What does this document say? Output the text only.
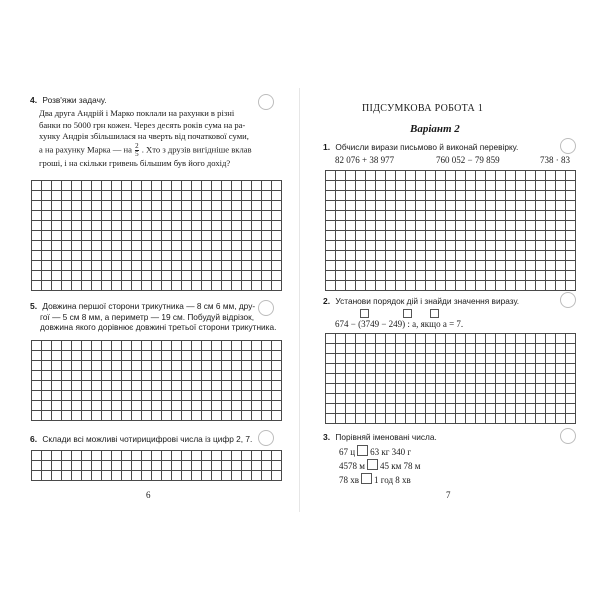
4. Розв'яжи задачу.
Два друга Андрій і Марко поклали на рахунки в різні
банки по 5000 грн кожен. Через десять років сума на ра-
хунку Андрія збільшилася на чверть від початкової суми,
а на рахунку Марка — на $\frac{2}{5}$ . Хто з друзів вигідніше вклав
гроші, і на скільки гривень більшим був його дохід?
5. Довжина першої сторони трикутника — 8 см 6 мм, дру-
гої — 5 см 8 мм, а периметр — 19 см. Побудуй відрізок,
довжина якого дорівнює довжині третьої сторони трикутника.
6. Склади всі можливі чотирицифрові числа із цифр 2, 7.
6
ПІДСУМКОВА РОБОТА 1
Варіант 2
1. Обчисли вирази письмово й виконай перевірку.
82 076 + 38 977	760 052 − 79 859	738 · 83
2. Установи порядок дій і знайди значення виразу.
674 − (3749 − 249) : a, якщо a = 7.
3. Порівняй іменовані числа.
67 ц 63 кг 340 г
4578 м 45 км 78 м
78 хв 1 год 8 хв
7
